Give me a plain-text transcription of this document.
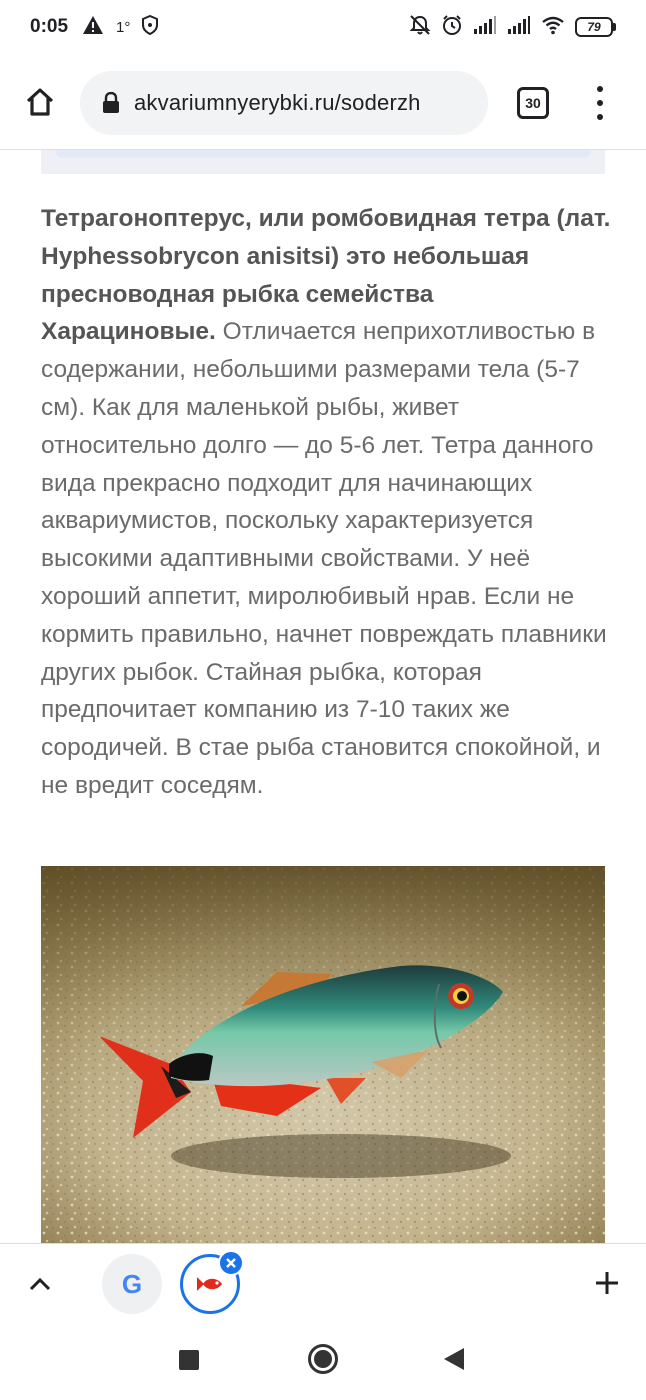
0:05	1°	79
akvariumnyerybki.ru/soderzh	30

Тетрагоноптерус, или ромбовидная тетра (лат. Hyphessobrycon anisitsi) это небольшая пресноводная рыбка семейства Харациновые. Отличается неприхотливостью в содержании, небольшими размерами тела (5-7 см). Как для маленькой рыбы, живет относительно долго — до 5-6 лет. Тетра данного вида прекрасно подходит для начинающих аквариумистов, поскольку характеризуется высокими адаптивными свойствами. У неё хороший аппетит, миролюбивый нрав. Если не кормить правильно, начнет повреждать плавники других рыбок. Стайная рыбка, которая предпочитает компанию из 7-10 таких же сородичей. В стае рыба становится спокойной, и не вредит соседям.

G
